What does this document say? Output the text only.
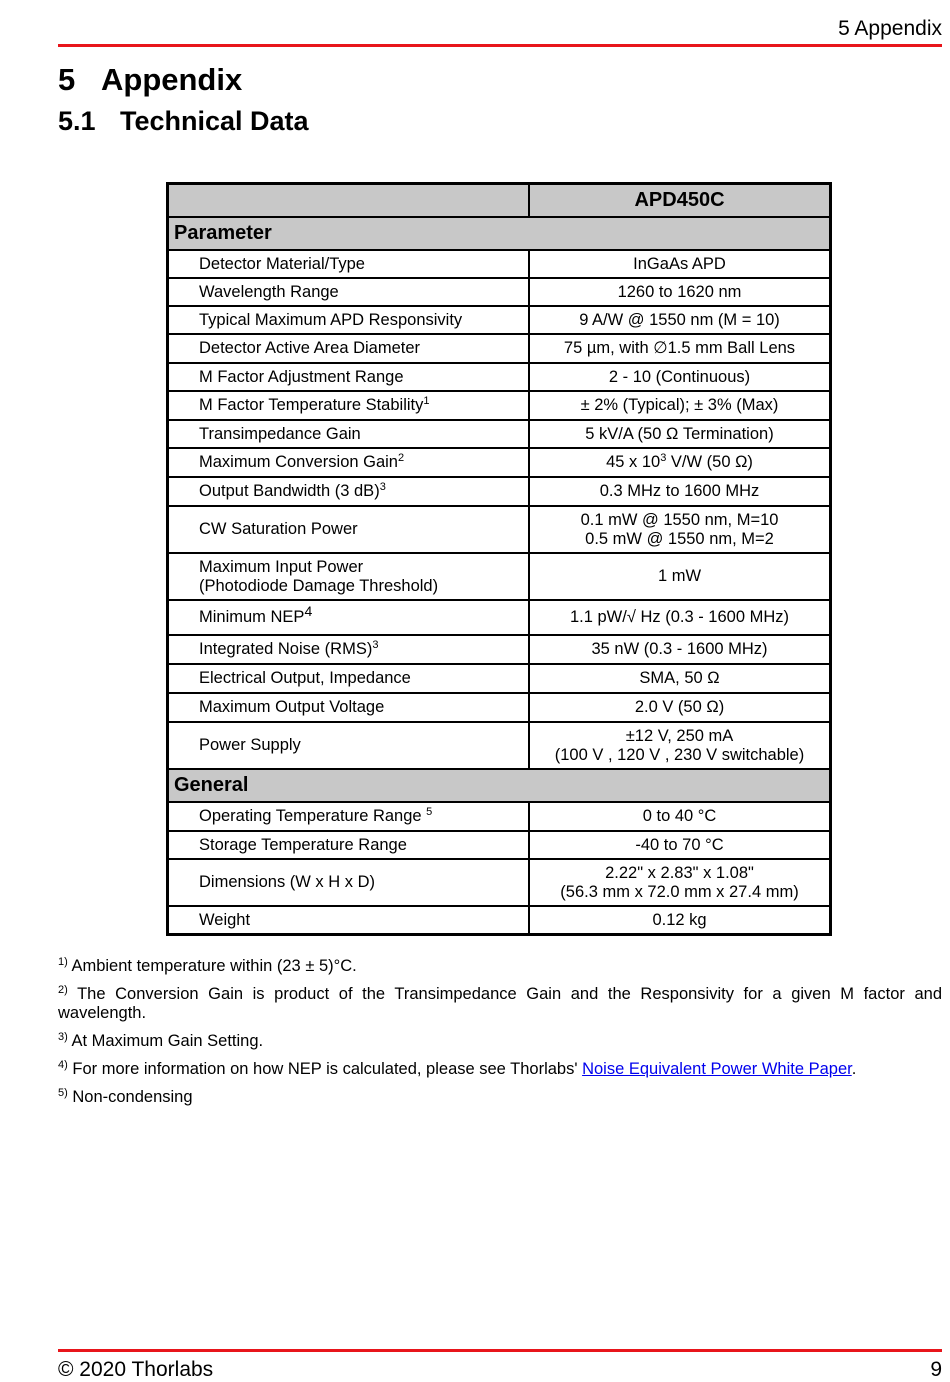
5 Appendix
5 Appendix
5.1 Technical Data
	APD450C
Parameter	
Detector Material/Type	InGaAs APD
Wavelength Range	1260 to 1620 nm
Typical Maximum APD Responsivity	9 A/W @ 1550 nm (M = 10)
Detector Active Area Diameter	75 µm, with ∅1.5 mm Ball Lens
M Factor Adjustment Range	2 - 10 (Continuous)
M Factor Temperature Stability$^1$	± 2% (Typical); ± 3% (Max)
Transimpedance Gain	5 kV/A (50 Ω Termination)
Maximum Conversion Gain$^2$	45 x $10^3$ V/W (50 Ω)
Output Bandwidth (3 dB)$^3$	0.3 MHz to 1600 MHz
CW Saturation Power	0.1 mW @ 1550 nm, M=10
0.5 mW @ 1550 nm, M=2

Maximum Input Power
(Photodiode Damage Threshold)	1 mW
Minimum NEP$^4$	1.1 pW/√ Hz (0.3 - 1600 MHz)
Integrated Noise (RMS)$^3$	35 nW (0.3 - 1600 MHz)
Electrical Output, Impedance	SMA, 50 Ω
Maximum Output Voltage	2.0 V (50 Ω)
Power Supply	±12 V, 250 mA
(100 V , 120 V , 230 V switchable)

General	
Operating Temperature Range $^5$	0 to 40 °C
Storage Temperature Range	-40 to 70 °C
Dimensions (W x H x D)	2.22" x 2.83" x 1.08"
(56.3 mm x 72.0 mm x 27.4 mm)

Weight	0.12 kg
$^{1)}$ Ambient temperature within (23 ± 5)°C.
$^{2)}$ The Conversion Gain is product of the Transimpedance Gain and the Responsivity for a given M factor and wavelength.
$^{3)}$ At Maximum Gain Setting.
$^{4)}$ For more information on how NEP is calculated, please see Thorlabs' Noise Equivalent Power White Paper.
$^{5)}$ Non-condensing
© 2020 Thorlabs	9
